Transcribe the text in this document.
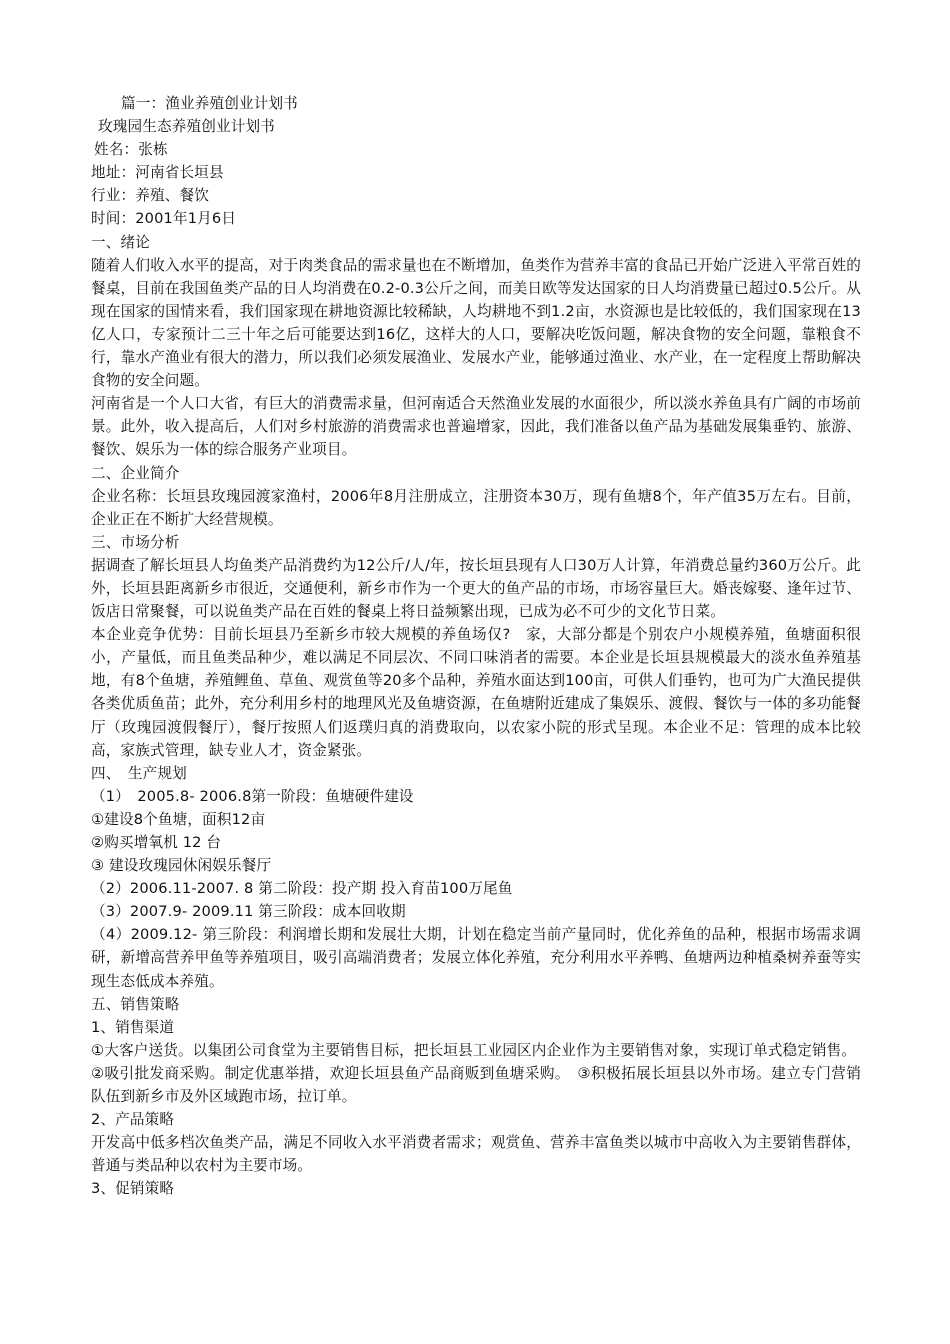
篇一：渔业养殖创业计划书

玫瑰园生态养殖创业计划书

姓名：张栋

地址：河南省长垣县

行业：养殖、餐饮

时间：2001年1月6日

一、绪论

随着人们收入水平的提高，对于肉类食品的需求量也在不断增加，鱼类作为营养丰富的食品已开始广泛进入平常百姓的餐桌，目前在我国鱼类产品的日人均消费在0.2-0.3公斤之间，而美日欧等发达国家的日人均消费量已超过0.5公斤。从现在国家的国情来看，我们国家现在耕地资源比较稀缺，人均耕地不到1.2亩，水资源也是比较低的，我们国家现在13亿人口，专家预计二三十年之后可能要达到16亿，这样大的人口，要解决吃饭问题，解决食物的安全问题，靠粮食不行，靠水产渔业有很大的潜力，所以我们必须发展渔业、发展水产业，能够通过渔业、水产业，在一定程度上帮助解决食物的安全问题。

河南省是一个人口大省，有巨大的消费需求量，但河南适合天然渔业发展的水面很少，所以淡水养鱼具有广阔的市场前景。此外，收入提高后，人们对乡村旅游的消费需求也普遍增家，因此，我们准备以鱼产品为基础发展集垂钓、旅游、餐饮、娱乐为一体的综合服务产业项目。

二、企业简介

企业名称：长垣县玫瑰园渡家渔村，2006年8月注册成立，注册资本30万，现有鱼塘8个，年产值35万左右。目前，企业正在不断扩大经营规模。

三、市场分析

据调查了解长垣县人均鱼类产品消费约为12公斤/人/年，按长垣县现有人口30万人计算，年消费总量约360万公斤。此外，长垣县距离新乡市很近，交通便利，新乡市作为一个更大的鱼产品的市场，市场容量巨大。婚丧嫁娶、逢年过节、饭店日常聚餐，可以说鱼类产品在百姓的餐桌上将日益频繁出现，已成为必不可少的文化节日菜。

本企业竞争优势：目前长垣县乃至新乡市较大规模的养鱼场仅?　家，大部分都是个别农户小规模养殖，鱼塘面积很小，产量低，而且鱼类品种少，难以满足不同层次、不同口味消者的需要。本企业是长垣县规模最大的淡水鱼养殖基地，有8个鱼塘，养殖鲤鱼、草鱼、观赏鱼等20多个品种，养殖水面达到100亩，可供人们垂钓，也可为广大渔民提供各类优质鱼苗；此外，充分利用乡村的地理风光及鱼塘资源，在鱼塘附近建成了集娱乐、渡假、餐饮与一体的多功能餐厅（玫瑰园渡假餐厅），餐厅按照人们返璞归真的消费取向，以农家小院的形式呈现。本企业不足：管理的成本比较高，家族式管理，缺专业人才，资金紧张。

四、　生产规划

（1）　2005.8- 2006.8第一阶段：鱼塘硬件建设

①建设8个鱼塘，面积12亩

②购买增氧机 12 台

③ 建设玫瑰园休闲娱乐餐厅

（2）2006.11-2007. 8 第二阶段：投产期 投入育苗100万尾鱼

（3）2007.9- 2009.11 第三阶段：成本回收期

（4）2009.12- 第三阶段：利润增长期和发展壮大期，计划在稳定当前产量同时，优化养鱼的品种，根据市场需求调研，新增高营养甲鱼等养殖项目，吸引高端消费者；发展立体化养殖，充分利用水平养鸭、鱼塘两边种植桑树养蚕等实现生态低成本养殖。

五、销售策略

1、销售渠道

①大客户送货。以集团公司食堂为主要销售目标，把长垣县工业园区内企业作为主要销售对象，实现订单式稳定销售。

②吸引批发商采购。制定优惠举措，欢迎长垣县鱼产品商贩到鱼塘采购。　③积极拓展长垣县以外市场。建立专门营销队伍到新乡市及外区域跑市场，拉订单。

2、产品策略

开发高中低多档次鱼类产品，满足不同收入水平消费者需求；观赏鱼、营养丰富鱼类以城市中高收入为主要销售群体，普通与类品种以农村为主要市场。

3、促销策略
